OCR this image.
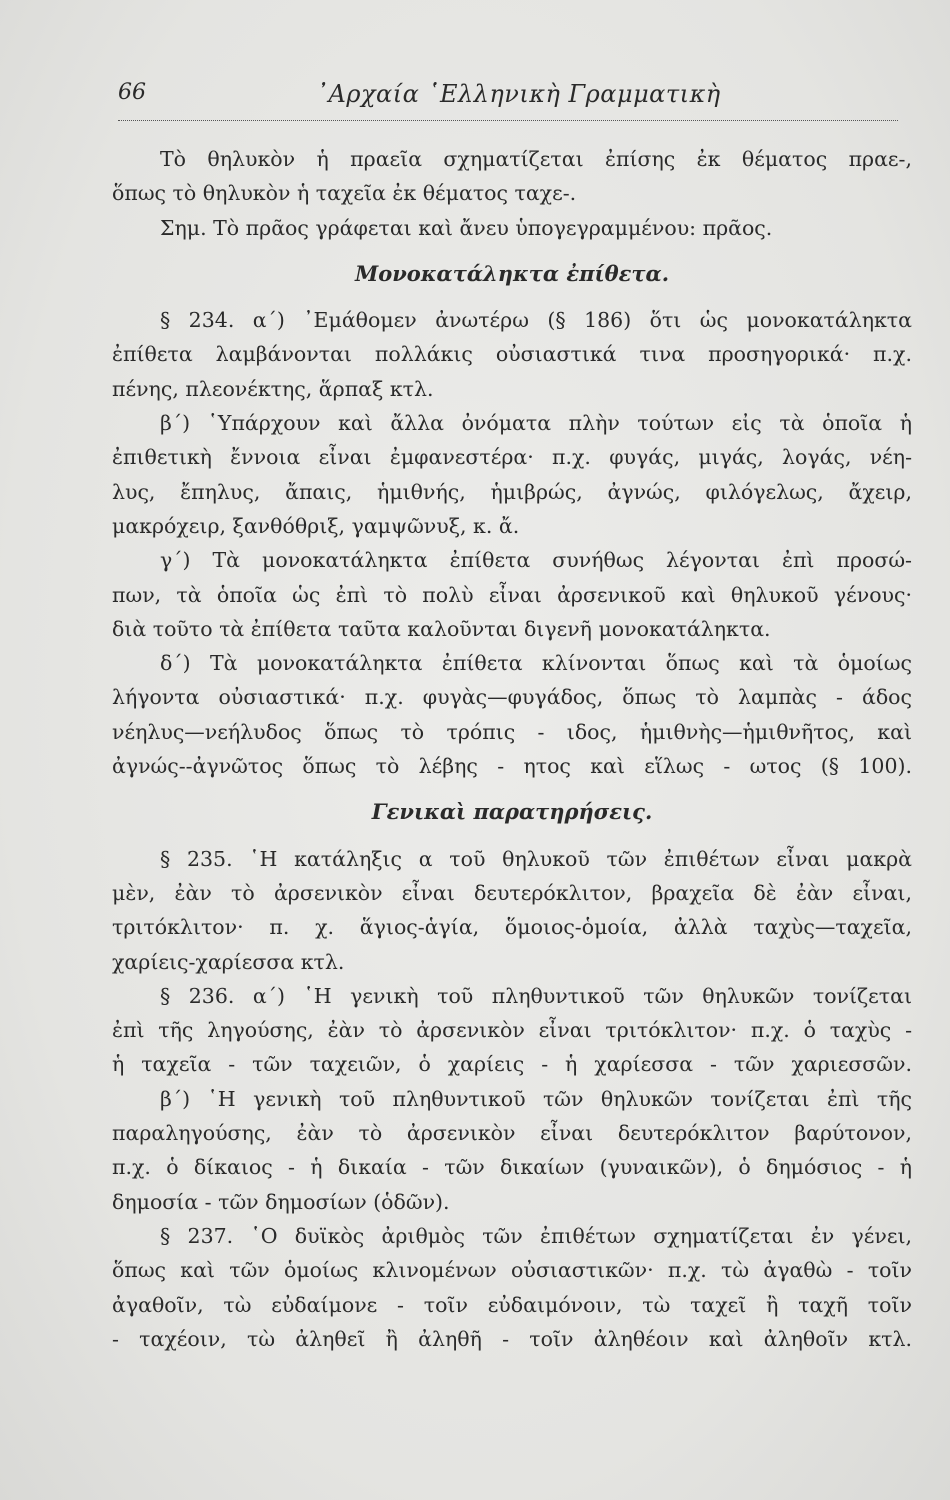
66	᾿Αρχαία ῾Ελληνικὴ Γραμματικὴ
Τὸ θηλυκὸν ἡ πραεῖα σχηματίζεται ἐπίσης ἐκ θέματος πραε-,
ὅπως τὸ θηλυκὸν ἡ ταχεῖα ἐκ θέματος ταχε-.
Σημ. Τὸ πρᾶος γράφεται καὶ ἄνευ ὑπογεγραμμένου: πρᾶος.
Μονοκατάληκτα ἐπίθετα.
§ 234. α΄) ᾿Εμάθομεν ἀνωτέρω (§ 186) ὅτι ὡς μονοκατάληκτα
ἐπίθετα λαμβάνονται πολλάκις οὐσιαστικά τινα προσηγορικά· π.χ.
πένης, πλεονέκτης, ἅρπαξ κτλ.
β΄) ῾Υπάρχουν καὶ ἄλλα ὀνόματα πλὴν τούτων εἰς τὰ ὁποῖα ἡ
ἐπιθετικὴ ἔννοια εἶναι ἐμφανεστέρα· π.χ. φυγάς, μιγάς, λογάς, νέη-
λυς, ἔπηλυς, ἄπαις, ἡμιθνής, ἡμιβρώς, ἀγνώς, φιλόγελως, ἄχειρ,
μακρόχειρ, ξανθόθριξ, γαμψῶνυξ, κ. ἄ.
γ΄) Τὰ μονοκατάληκτα ἐπίθετα συνήθως λέγονται ἐπὶ προσώ-
πων, τὰ ὁποῖα ὡς ἐπὶ τὸ πολὺ εἶναι ἀρσενικοῦ καὶ θηλυκοῦ γένους·
διὰ τοῦτο τὰ ἐπίθετα ταῦτα καλοῦνται διγενῆ μονοκατάληκτα.
δ΄) Τὰ μονοκατάληκτα ἐπίθετα κλίνονται ὅπως καὶ τὰ ὁμοίως
λήγοντα οὐσιαστικά· π.χ. φυγὰς—φυγάδος, ὅπως τὸ λαμπὰς - άδος
νέηλυς—νεήλυδος ὅπως τὸ τρόπις - ιδος, ἡμιθνὴς—ἡμιθνῆτος, καὶ
ἀγνώς--ἀγνῶτος ὅπως τὸ λέβης - ητος καὶ εἵλως - ωτος (§ 100).
Γενικαὶ παρατηρήσεις.
§ 235. ῾Η κατάληξις α τοῦ θηλυκοῦ τῶν ἐπιθέτων εἶναι μακρὰ
μὲν, ἐὰν τὸ ἀρσενικὸν εἶναι δευτερόκλιτον, βραχεῖα δὲ ἐὰν εἶναι,
τριτόκλιτον· π. χ. ἅγιος-ἁγία, ὅμοιος-ὁμοία, ἀλλὰ ταχὺς—ταχεῖα,
χαρίεις-χαρίεσσα κτλ.
§ 236. α΄) ῾Η γενικὴ τοῦ πληθυντικοῦ τῶν θηλυκῶν τονίζεται
ἐπὶ τῆς ληγούσης, ἐὰν τὸ ἀρσενικὸν εἶναι τριτόκλιτον· π.χ. ὁ ταχὺς -
ἡ ταχεῖα - τῶν ταχειῶν, ὁ χαρίεις - ἡ χαρίεσσα - τῶν χαριεσσῶν.
β΄) ῾Η γενικὴ τοῦ πληθυντικοῦ τῶν θηλυκῶν τονίζεται ἐπὶ τῆς
παραληγούσης, ἐὰν τὸ ἀρσενικὸν εἶναι δευτερόκλιτον βαρύτονον,
π.χ. ὁ δίκαιος - ἡ δικαία - τῶν δικαίων (γυναικῶν), ὁ δημόσιος - ἡ
δημοσία - τῶν δημοσίων (ὁδῶν).
§ 237. ῾Ο δυϊκὸς ἀριθμὸς τῶν ἐπιθέτων σχηματίζεται ἐν γένει,
ὅπως καὶ τῶν ὁμοίως κλινομένων οὐσιαστικῶν· π.χ. τὼ ἀγαθὼ - τοῖν
ἀγαθοῖν, τὼ εὐδαίμονε - τοῖν εὐδαιμόνοιν, τὼ ταχεῖ ἢ ταχῆ τοῖν
- ταχέοιν, τὼ ἀληθεῖ ἢ ἀληθῆ - τοῖν ἀληθέοιν καὶ ἀληθοῖν κτλ.
